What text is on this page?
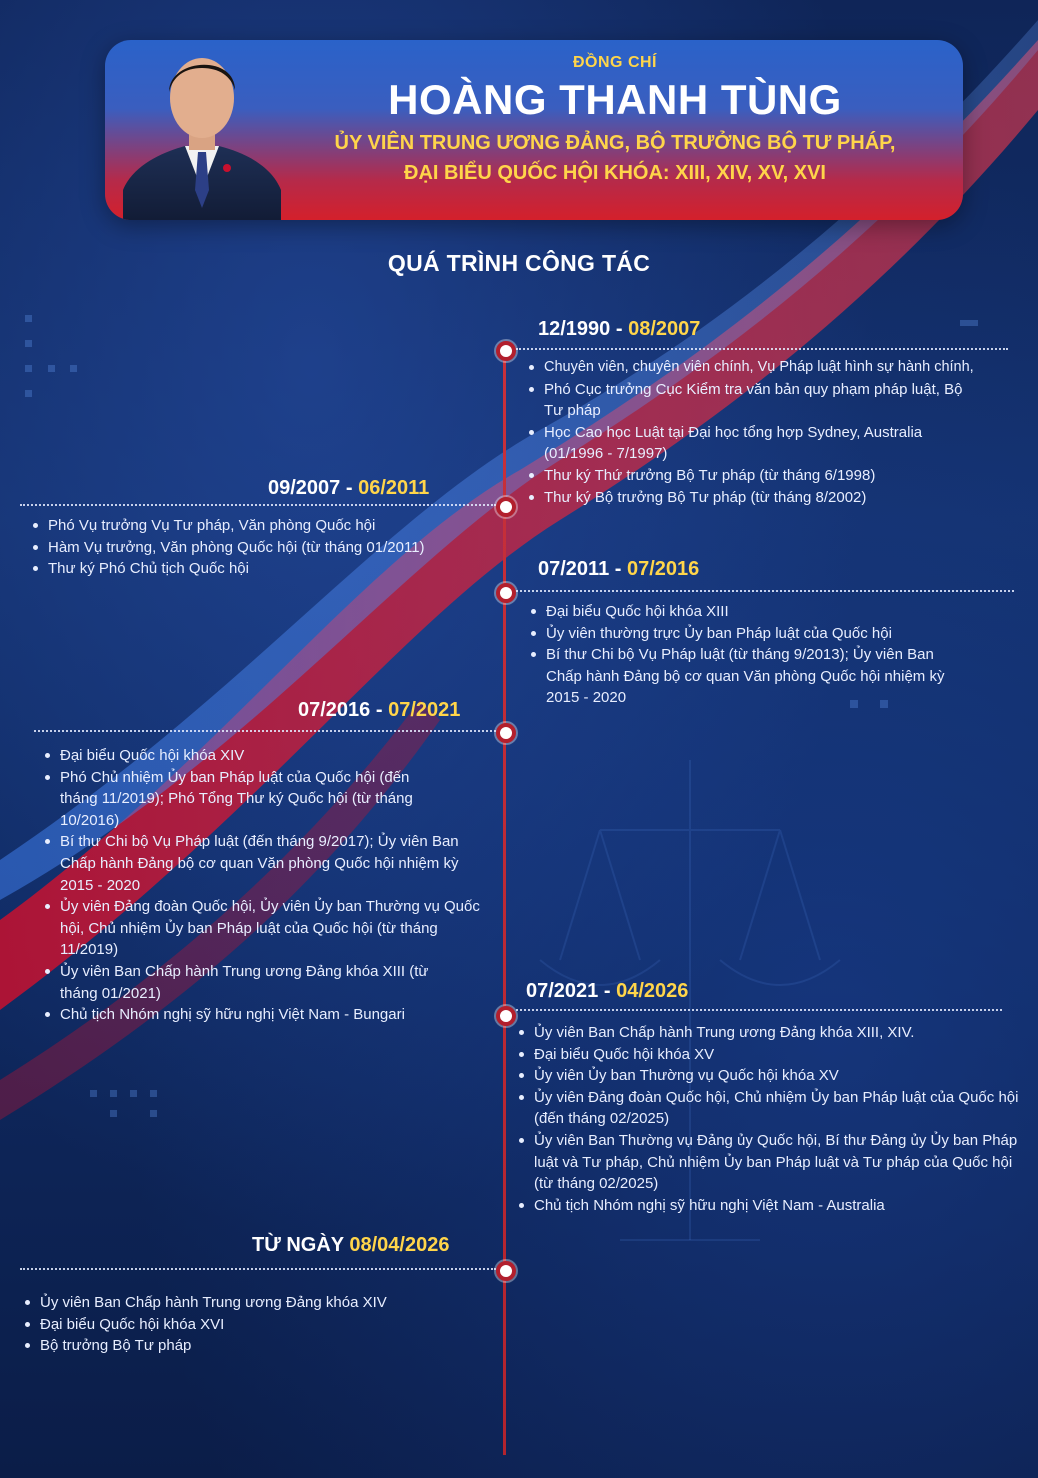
ĐỒNG CHÍ
HOÀNG THANH TÙNG
ỦY VIÊN TRUNG ƯƠNG ĐẢNG, BỘ TRƯỞNG BỘ TƯ PHÁP,
ĐẠI BIỂU QUỐC HỘI KHÓA: XIII, XIV, XV, XVI
QUÁ TRÌNH CÔNG TÁC
12/1990 - 08/2007
Chuyên viên, chuyên viên chính, Vụ Pháp luật hình sự hành chính,
Phó Cục trưởng Cục Kiểm tra văn bản quy phạm pháp luật, Bộ Tư pháp
Học Cao học Luật tại Đại học tổng hợp Sydney, Australia (01/1996 - 7/1997)
Thư ký Thứ trưởng Bộ Tư pháp (từ tháng 6/1998)
Thư ký Bộ trưởng Bộ Tư pháp (từ tháng 8/2002)
09/2007 - 06/2011
Phó Vụ trưởng Vụ Tư pháp, Văn phòng Quốc hội
Hàm Vụ trưởng, Văn phòng Quốc hội (từ tháng 01/2011)
Thư ký Phó Chủ tịch Quốc hội	07/2011 - 07/2016
Đại biểu Quốc hội khóa XIII
Ủy viên thường trực Ủy ban Pháp luật của Quốc hội
Bí thư Chi bộ Vụ Pháp luật (từ tháng 9/2013); Ủy viên Ban Chấp hành Đảng bộ cơ quan Văn phòng Quốc hội nhiệm kỳ 2015 - 2020
07/2016 - 07/2021
Đại biểu Quốc hội khóa XIV
Phó Chủ nhiệm Ủy ban Pháp luật của Quốc hội (đến tháng 11/2019); Phó Tổng Thư ký Quốc hội (từ tháng 10/2016)
Bí thư Chi bộ Vụ Pháp luật (đến tháng 9/2017); Ủy viên Ban Chấp hành Đảng bộ cơ quan Văn phòng Quốc hội nhiệm kỳ 2015 - 2020
Ủy viên Đảng đoàn Quốc hội, Ủy viên Ủy ban Thường vụ Quốc hội, Chủ nhiệm Ủy ban Pháp luật của Quốc hội (từ tháng 11/2019)
Ủy viên Ban Chấp hành Trung ương Đảng khóa XIII (từ tháng 01/2021)
Chủ tịch Nhóm nghị sỹ hữu nghị Việt Nam - Bungari
07/2021 - 04/2026
Ủy viên Ban Chấp hành Trung ương Đảng khóa XIII, XIV.
Đại biểu Quốc hội khóa XV
Ủy viên Ủy ban Thường vụ Quốc hội khóa XV
Ủy viên Đảng đoàn Quốc hội, Chủ nhiệm Ủy ban Pháp luật của Quốc hội (đến tháng 02/2025)
Ủy viên Ban Thường vụ Đảng ủy Quốc hội, Bí thư Đảng ủy Ủy ban Pháp luật và Tư pháp, Chủ nhiệm Ủy ban Pháp luật và Tư pháp của Quốc hội (từ tháng 02/2025)
Chủ tịch Nhóm nghị sỹ hữu nghị Việt Nam - Australia
TỪ NGÀY 08/04/2026
Ủy viên Ban Chấp hành Trung ương Đảng khóa XIV
Đại biểu Quốc hội khóa XVI
Bộ trưởng Bộ Tư pháp
